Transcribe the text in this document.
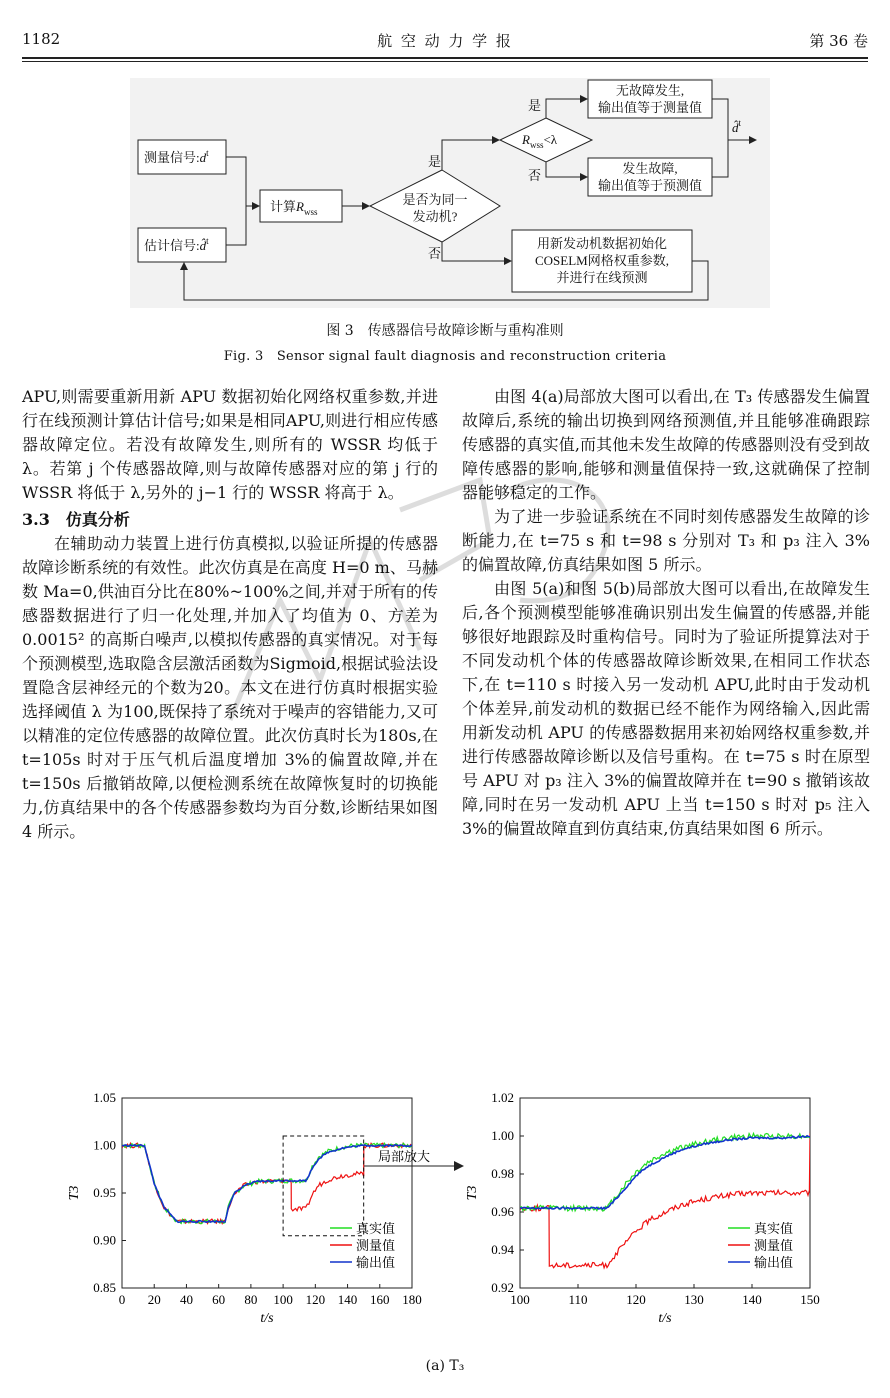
1182	航 空 动 力 学 报	第 36 卷
测量信号$:d^t$
估计信号:d̂$^t$
计算$R_{wss}$
是否为同一
发动机?
$R_{wss}<\lambda$
无故障发生,
输出值等于测量值
发生故障,
输出值等于预测值
用新发动机数据初始化
COSELM网格权重参数,
并进行在线预测
d̂$^t$
是
否
是
否
图 3　传感器信号故障诊断与重构准则
Fig. 3　Sensor signal fault diagnosis and reconstruction criteria

APU,则需要重新用新 APU 数据初始化网络权重参数,并进行在线预测计算估计信号;如果是相同APU,则进行相应传感器故障定位。若没有故障发生,则所有的 WSSR 均低于 λ。若第 j 个传感器故障,则与故障传感器对应的第 j 行的 WSSR 将低于 λ,另外的 j−1 行的 WSSR 将高于 λ。

3.3　仿真分析

在辅助动力装置上进行仿真模拟,以验证所提的传感器故障诊断系统的有效性。此次仿真是在高度 H=0 m、马赫数 Ma=0,供油百分比在80%~100%之间,并对于所有的传感器数据进行了归一化处理,并加入了均值为 0、方差为0.0015² 的高斯白噪声,以模拟传感器的真实情况。对于每个预测模型,选取隐含层激活函数为Sigmoid,根据试验法设置隐含层神经元的个数为20。本文在进行仿真时根据实验选择阈值 λ 为100,既保持了系统对于噪声的容错能力,又可以精准的定位传感器的故障位置。此次仿真时长为180s,在 t=105s 时对于压气机后温度增加 3%的偏置故障,并在 t=150s 后撤销故障,以便检测系统在故障恢复时的切换能力,仿真结果中的各个传感器参数均为百分数,诊断结果如图 4 所示。

由图 4(a)局部放大图可以看出,在 T₃ 传感器发生偏置故障后,系统的输出切换到网络预测值,并且能够准确跟踪传感器的真实值,而其他未发生故障的传感器则没有受到故障传感器的影响,能够和测量值保持一致,这就确保了控制器能够稳定的工作。

为了进一步验证系统在不同时刻传感器发生故障的诊断能力,在 t=75 s 和 t=98 s 分别对 T₃ 和 p₃ 注入 3%的偏置故障,仿真结果如图 5 所示。

由图 5(a)和图 5(b)局部放大图可以看出,在故障发生后,各个预测模型能够准确识别出发生偏置的传感器,并能够很好地跟踪及时重构信号。同时为了验证所提算法对于不同发动机个体的传感器故障诊断效果,在相同工作状态下,在 t=110 s 时接入另一发动机 APU,此时由于发动机个体差异,前发动机的数据已经不能作为网络输入,因此需用新发动机 APU 的传感器数据用来初始网络权重参数,并进行传感器故障诊断以及信号重构。在 t=75 s 时在原型号 APU 对 p₃ 注入 3%的偏置故障并在 t=90 s 撤销该故障,同时在另一发动机 APU 上当 t=150 s 时对 p₅ 注入 3%的偏置故障直到仿真结束,仿真结果如图 6 所示。

0 20 40 60 80 100 120 140 160 180
0.85
0.90
0.95
1.00
1.05
t/s
T3
真实值
测量值
输出值
100	110	120	130	140	150
0.92
0.94
0.96
0.98
1.00
1.02
t/s
T3
真实值
测量值
输出值
局部放大
(a) T₃
